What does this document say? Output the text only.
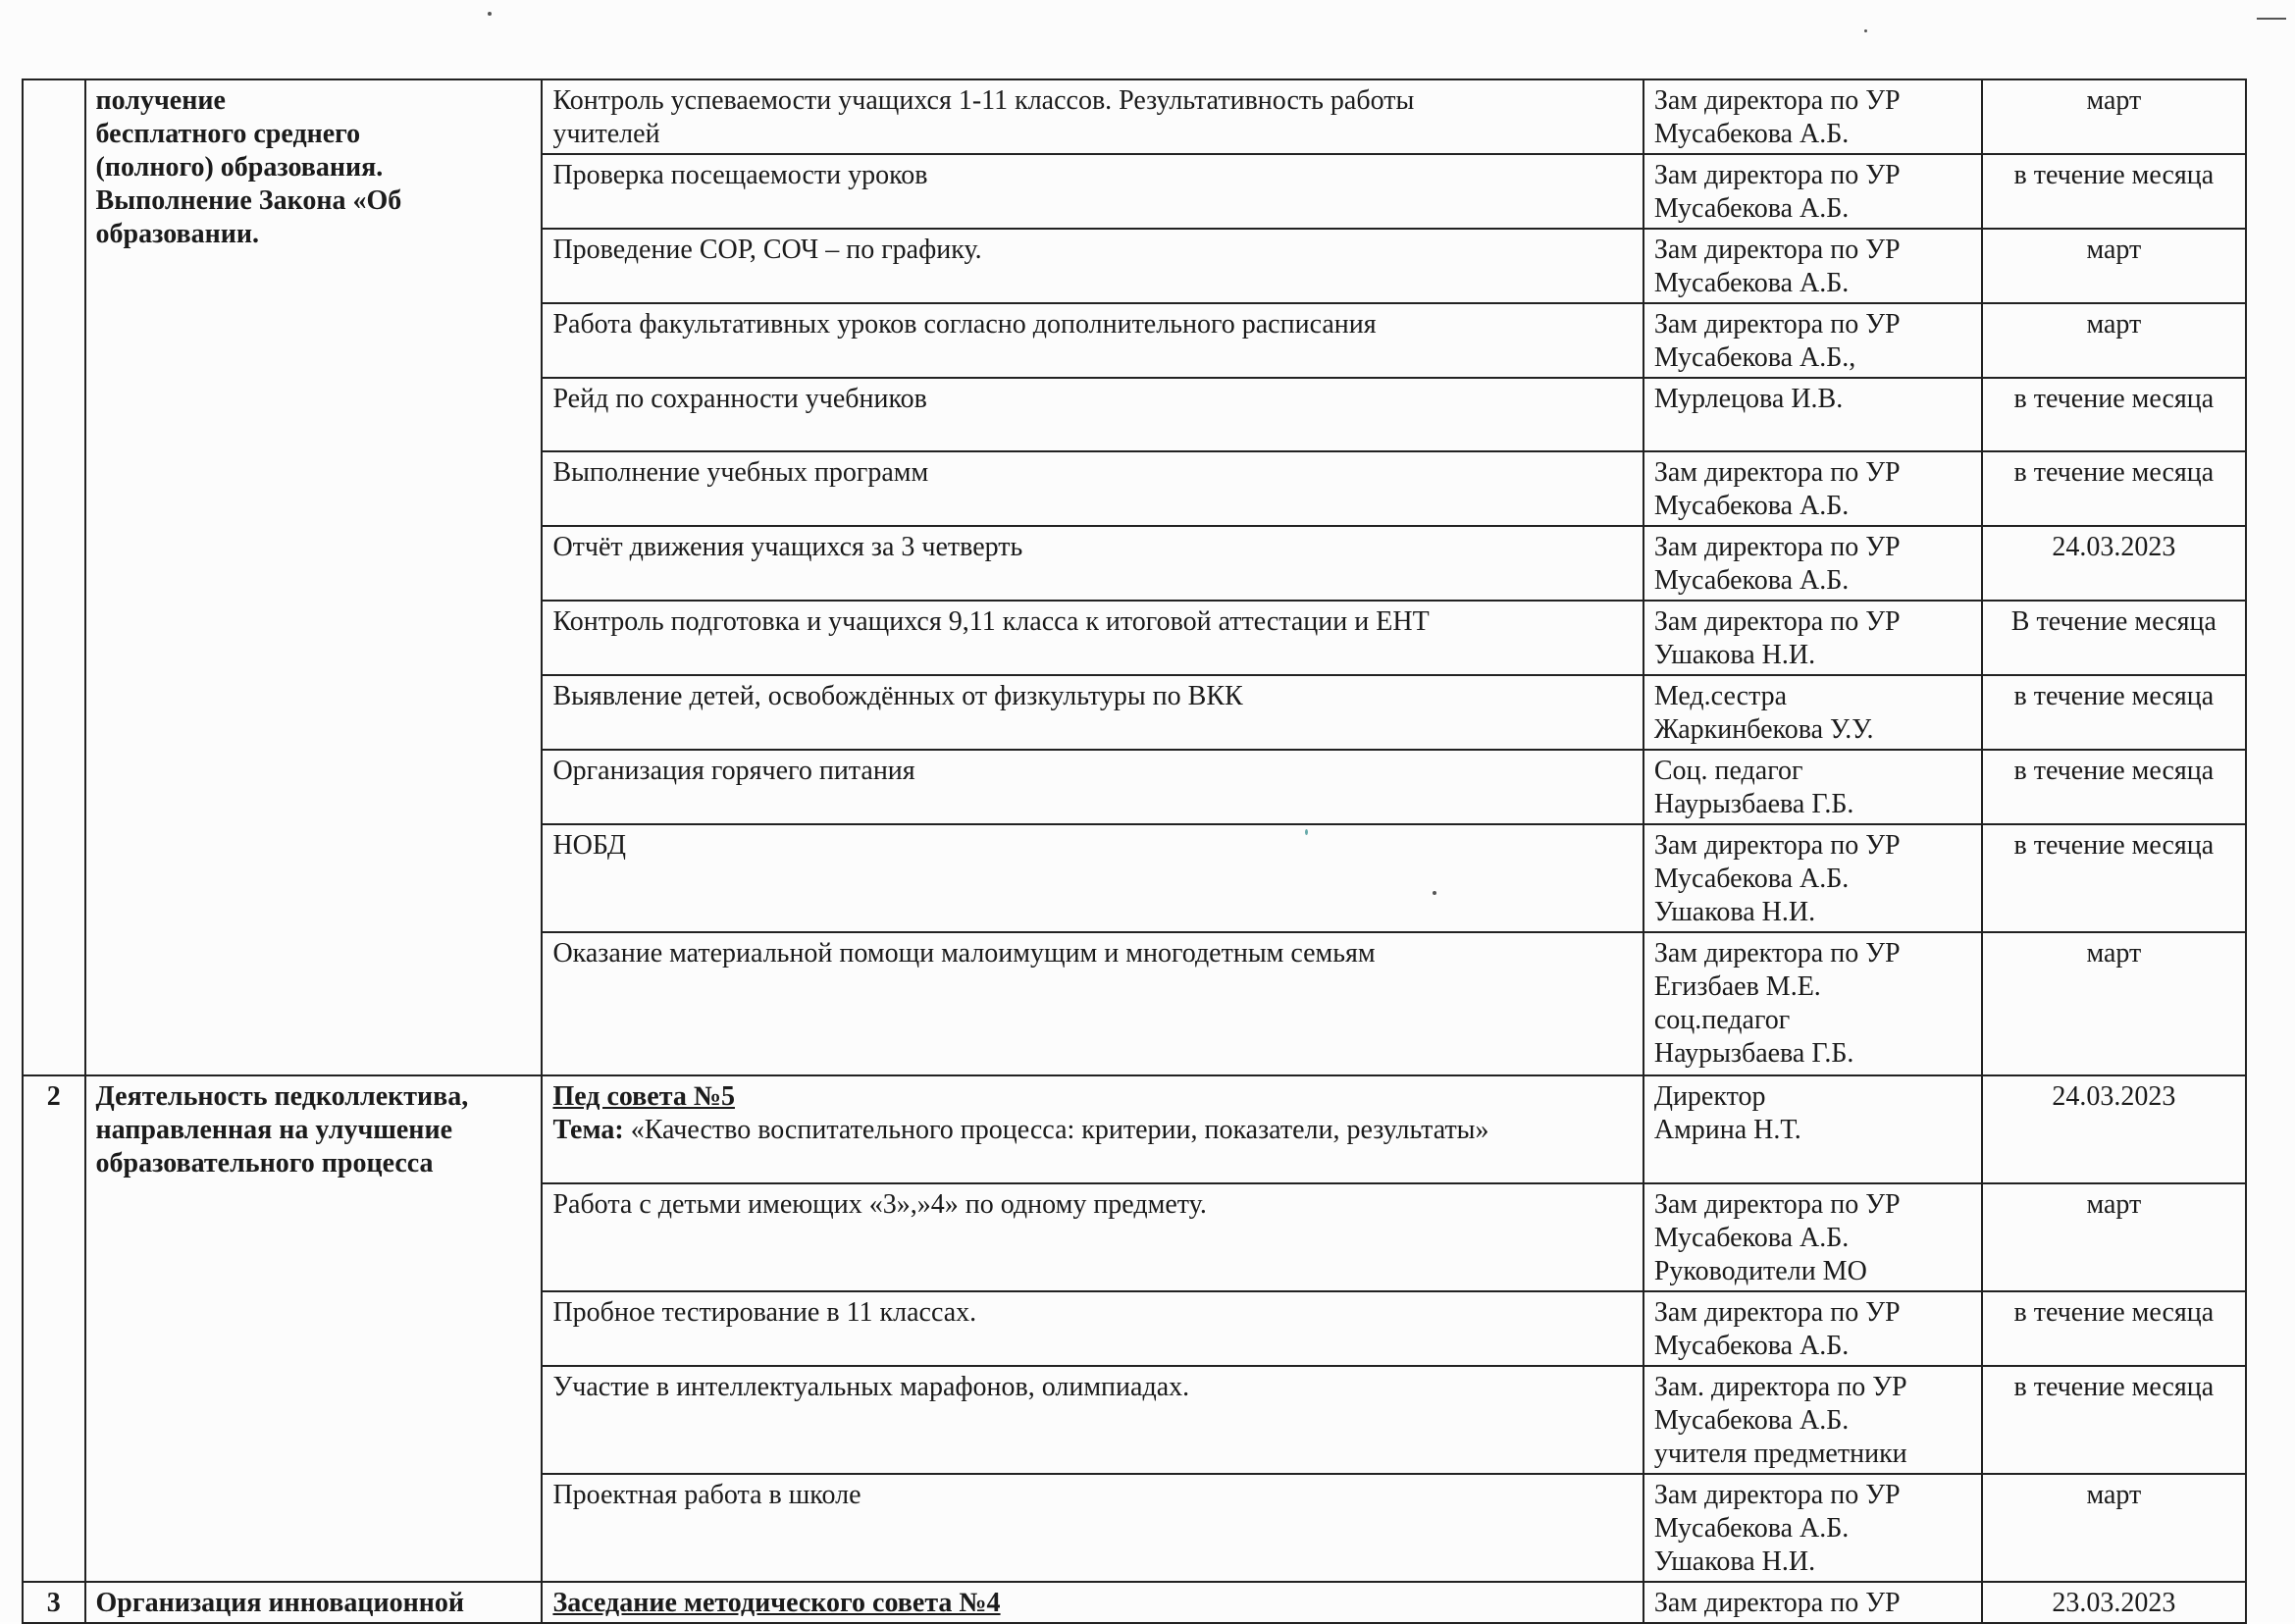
	получение
бесплатного среднего
(полного) образования.
Выполнение Закона «Об
образовании.	Контроль успеваемости учащихся 1-11 классов. Результативность работы
учителей	Зам директора по УР
Мусабекова А.Б.	март

		Проверка посещаемости уроков	Зам директора по УР
Мусабекова А.Б.	в течение месяца

		Проведение СОР, СОЧ – по графику.	Зам директора по УР
Мусабекова А.Б.	март

		Работа факультативных уроков согласно дополнительного расписания	Зам директора по УР
Мусабекова А.Б.,	март

		Рейд по сохранности учебников	Мурлецова И.В.	в течение месяца

		Выполнение учебных программ	Зам директора по УР
Мусабекова А.Б.	в течение месяца

		Отчёт движения учащихся за 3 четверть	Зам директора по УР
Мусабекова А.Б.	24.03.2023

		Контроль подготовка и учащихся 9,11 класса к итоговой аттестации и ЕНТ	Зам директора по УР
Ушакова Н.И.	В течение месяца

		Выявление детей, освобождённых от физкультуры по ВКК	Мед.сестра
Жаркинбекова У.У.	в течение месяца

		Организация горячего питания	Соц. педагог
Наурызбаева Г.Б.	в течение месяца

		НОБД	Зам директора по УР
Мусабекова А.Б.
Ушакова Н.И.	в течение месяца

		Оказание материальной помощи малоимущим и многодетным семьям	Зам директора по УР
Егизбаев М.Е.
соц.педагог
Наурызбаева Г.Б.	март

2	Деятельность педколлектива,
направленная на улучшение
образовательного процесса	Пед совета №5
Тема: «Качество воспитательного процесса: критерии, показатели, результаты»	Директор
Амрина Н.Т.	24.03.2023

		Работа с детьми имеющих «3»,»4» по одному предмету.	Зам директора по УР
Мусабекова А.Б.
Руководители МО	март

		Пробное тестирование в 11 классах.	Зам директора по УР
Мусабекова А.Б.	в течение месяца

		Участие в интеллектуальных марафонов, олимпиадах.	Зам. директора по УР
Мусабекова А.Б.
учителя предметники	в течение месяца

		Проектная работа в школе	Зам директора по УР
Мусабекова А.Б.
Ушакова Н.И.	март

3	Организация инновационной	Заседание методического совета №4	Зам директора по УР	23.03.2023
